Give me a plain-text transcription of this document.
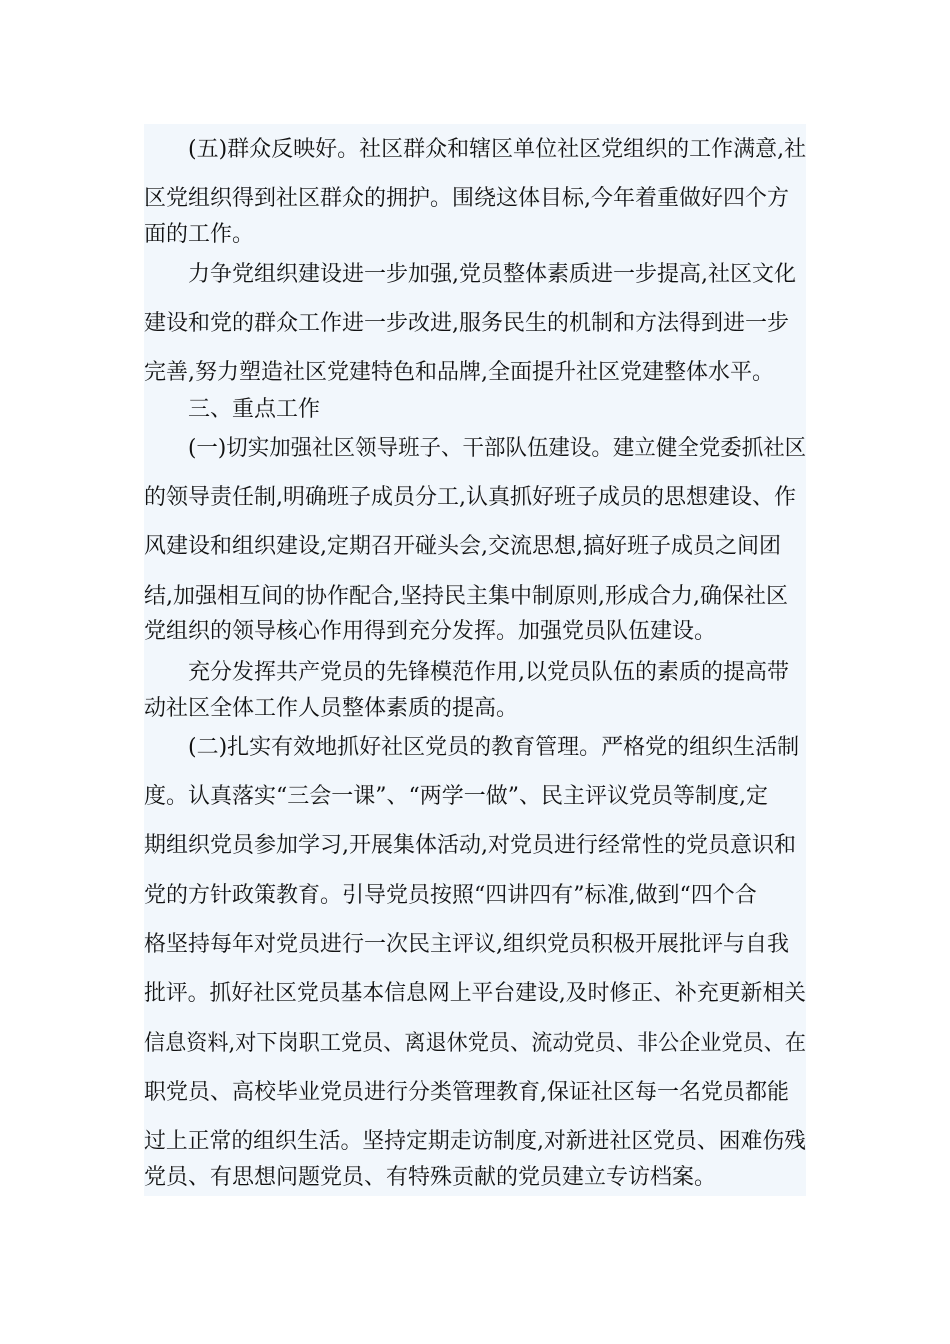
(五)群众反映好。社区群众和辖区单位社区党组织的工作满意,社
区党组织得到社区群众的拥护。围绕这体目标,今年着重做好四个方
面的工作。
力争党组织建设进一步加强,党员整体素质进一步提高,社区文化
建设和党的群众工作进一步改进,服务民生的机制和方法得到进一步
完善,努力塑造社区党建特色和品牌,全面提升社区党建整体水平。
三、重点工作
(一)切实加强社区领导班子、干部队伍建设。建立健全党委抓社区
的领导责任制,明确班子成员分工,认真抓好班子成员的思想建设、作
风建设和组织建设,定期召开碰头会,交流思想,搞好班子成员之间团
结,加强相互间的协作配合,坚持民主集中制原则,形成合力,确保社区
党组织的领导核心作用得到充分发挥。加强党员队伍建设。
充分发挥共产党员的先锋模范作用,以党员队伍的素质的提高带
动社区全体工作人员整体素质的提高。
(二)扎实有效地抓好社区党员的教育管理。严格党的组织生活制
度。认真落实“三会一课”、“两学一做”、民主评议党员等制度,定
期组织党员参加学习,开展集体活动,对党员进行经常性的党员意识和
党的方针政策教育。引导党员按照“四讲四有”标准,做到“四个合
格坚持每年对党员进行一次民主评议,组织党员积极开展批评与自我
批评。抓好社区党员基本信息网上平台建设,及时修正、补充更新相关
信息资料,对下岗职工党员、离退休党员、流动党员、非公企业党员、在
职党员、高校毕业党员进行分类管理教育,保证社区每一名党员都能
过上正常的组织生活。坚持定期走访制度,对新进社区党员、困难伤残
党员、有思想问题党员、有特殊贡献的党员建立专访档案。
